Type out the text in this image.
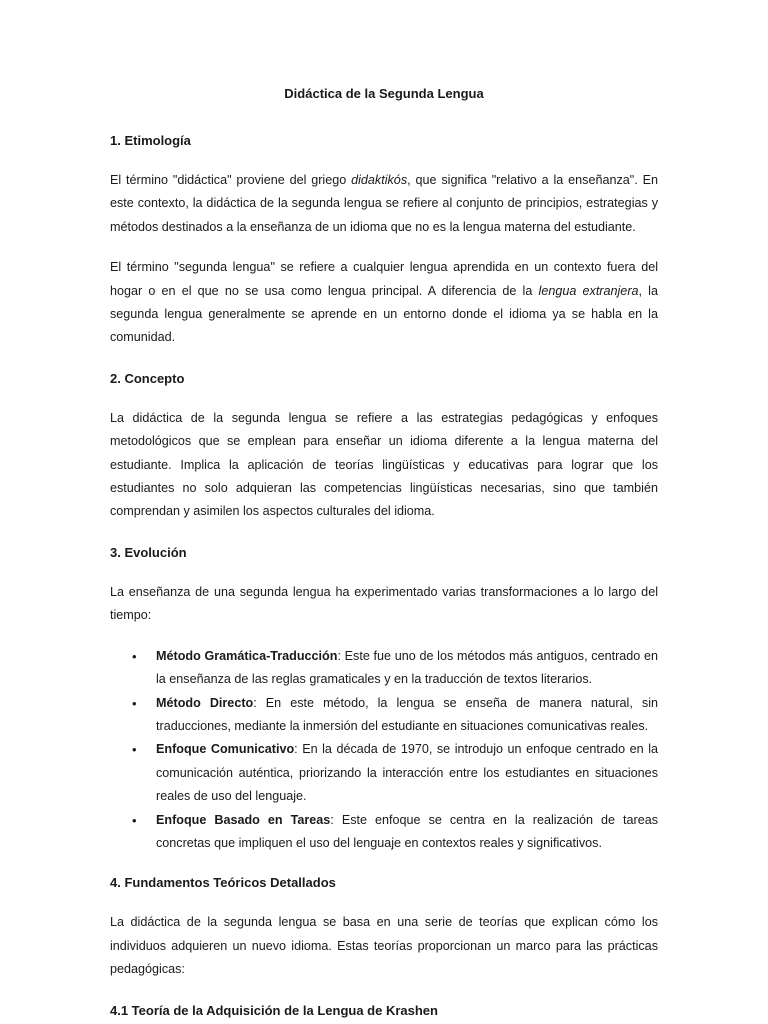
Didáctica de la Segunda Lengua
1. Etimología

El término "didáctica" proviene del griego didaktikós, que significa "relativo a la enseñanza". En este contexto, la didáctica de la segunda lengua se refiere al conjunto de principios, estrategias y métodos destinados a la enseñanza de un idioma que no es la lengua materna del estudiante.

El término "segunda lengua" se refiere a cualquier lengua aprendida en un contexto fuera del hogar o en el que no se usa como lengua principal. A diferencia de la lengua extranjera, la segunda lengua generalmente se aprende en un entorno donde el idioma ya se habla en la comunidad.

2. Concepto

La didáctica de la segunda lengua se refiere a las estrategias pedagógicas y enfoques metodológicos que se emplean para enseñar un idioma diferente a la lengua materna del estudiante. Implica la aplicación de teorías lingüísticas y educativas para lograr que los estudiantes no solo adquieran las competencias lingüísticas necesarias, sino que también comprendan y asimilen los aspectos culturales del idioma.

3. Evolución

La enseñanza de una segunda lengua ha experimentado varias transformaciones a lo largo del tiempo:

• Método Gramática-Traducción: Este fue uno de los métodos más antiguos, centrado en la enseñanza de las reglas gramaticales y en la traducción de textos literarios.
• Método Directo: En este método, la lengua se enseña de manera natural, sin traducciones, mediante la inmersión del estudiante en situaciones comunicativas reales.
• Enfoque Comunicativo: En la década de 1970, se introdujo un enfoque centrado en la comunicación auténtica, priorizando la interacción entre los estudiantes en situaciones reales de uso del lenguaje.
• Enfoque Basado en Tareas: Este enfoque se centra en la realización de tareas concretas que impliquen el uso del lenguaje en contextos reales y significativos.
4. Fundamentos Teóricos Detallados

La didáctica de la segunda lengua se basa en una serie de teorías que explican cómo los individuos adquieren un nuevo idioma. Estas teorías proporcionan un marco para las prácticas pedagógicas:

4.1 Teoría de la Adquisición de la Lengua de Krashen
